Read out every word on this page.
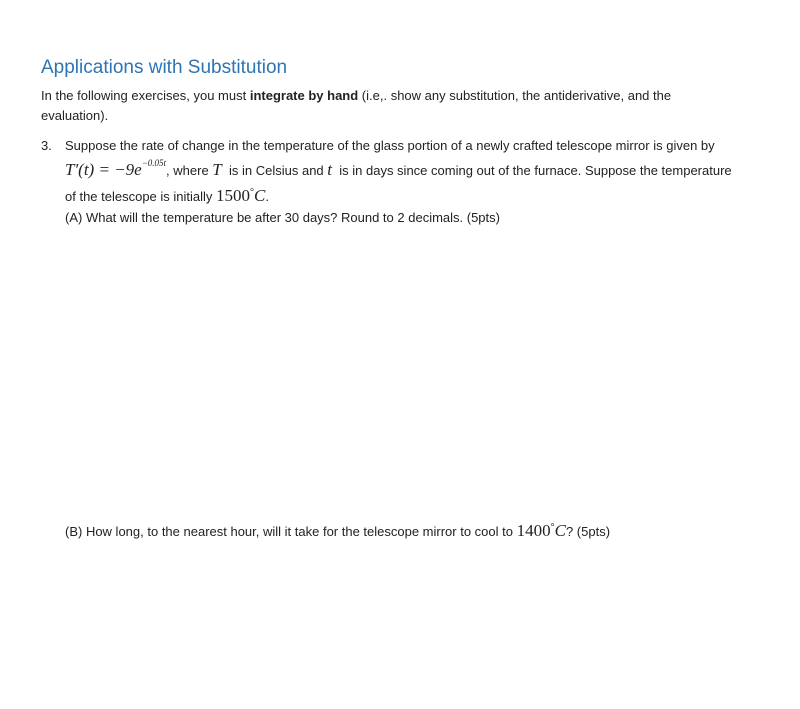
Applications with Substitution
In the following exercises, you must integrate by hand (i.e,. show any substitution, the antiderivative, and the evaluation).
3. Suppose the rate of change in the temperature of the glass portion of a newly crafted telescope mirror is given by
$T'(t) = -9e^{-0.05t}$, where T  is in Celsius and t  is in days since coming out of the furnace. Suppose the temperature
of the telescope is initially 1500°C.
(A) What will the temperature be after 30 days? Round to 2 decimals. (5pts)
(B) How long, to the nearest hour, will it take for the telescope mirror to cool to 1400°C? (5pts)
